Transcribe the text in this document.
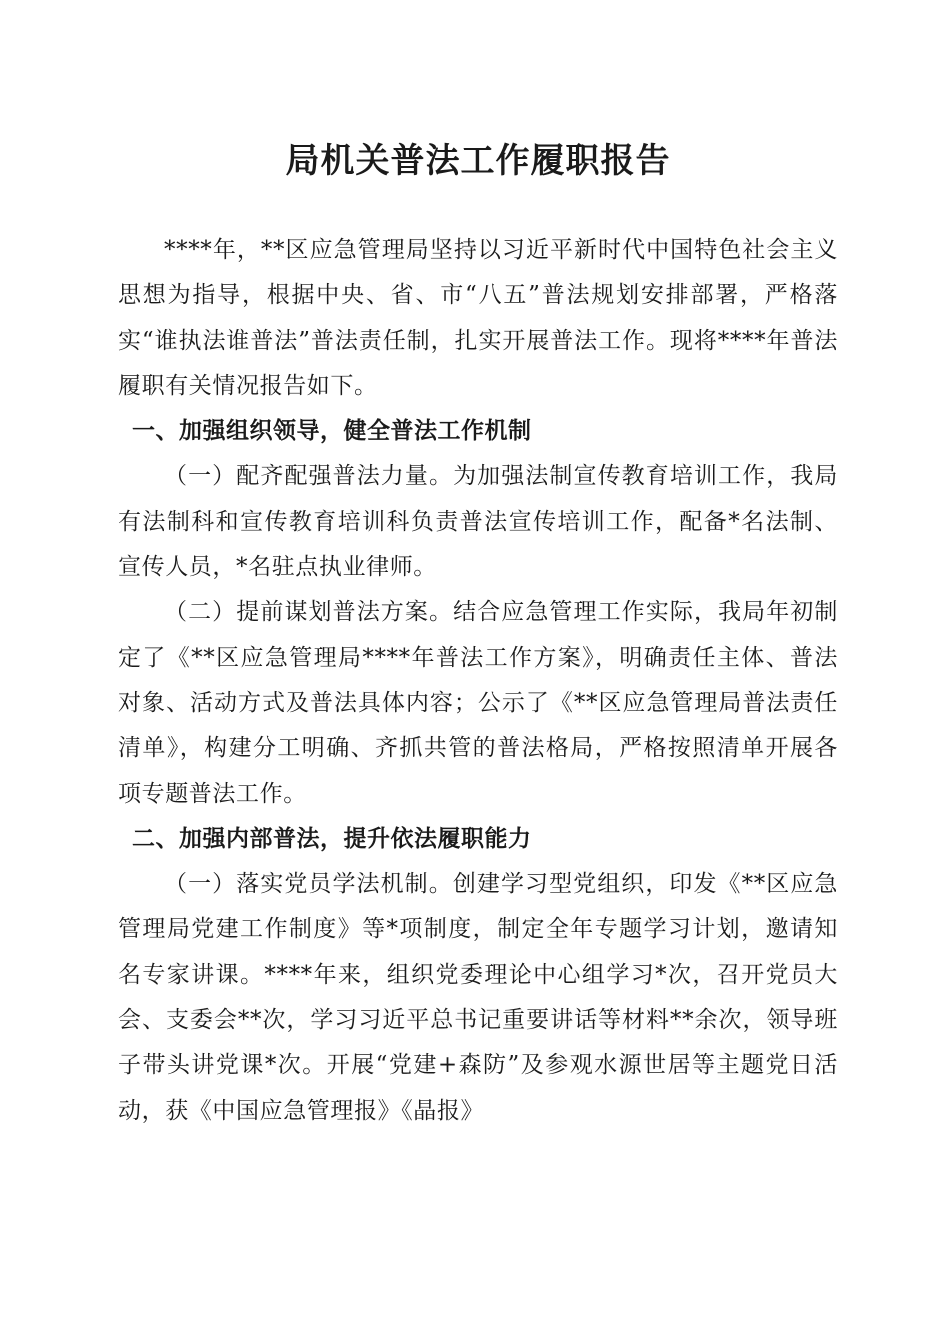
局机关普法工作履职报告

****年，**区应急管理局坚持以习近平新时代中国特色社会主义思想为指导，根据中央、省、市“八五”普法规划安排部署，严格落实“谁执法谁普法”普法责任制，扎实开展普法工作。现将****年普法履职有关情况报告如下。

一、加强组织领导，健全普法工作机制

（一）配齐配强普法力量。为加强法制宣传教育培训工作，我局有法制科和宣传教育培训科负责普法宣传培训工作，配备*名法制、宣传人员，*名驻点执业律师。

（二）提前谋划普法方案。结合应急管理工作实际，我局年初制定了《**区应急管理局****年普法工作方案》，明确责任主体、普法对象、活动方式及普法具体内容；公示了《**区应急管理局普法责任清单》，构建分工明确、齐抓共管的普法格局，严格按照清单开展各项专题普法工作。

二、加强内部普法，提升依法履职能力

（一）落实党员学法机制。创建学习型党组织，印发《**区应急管理局党建工作制度》等*项制度，制定全年专题学习计划，邀请知名专家讲课。****年来，组织党委理论中心组学习*次，召开党员大会、支委会**次，学习习近平总书记重要讲话等材料**余次，领导班子带头讲党课*次。开展“党建+森防”及参观水源世居等主题党日活动，获《中国应急管理报》《晶报》
